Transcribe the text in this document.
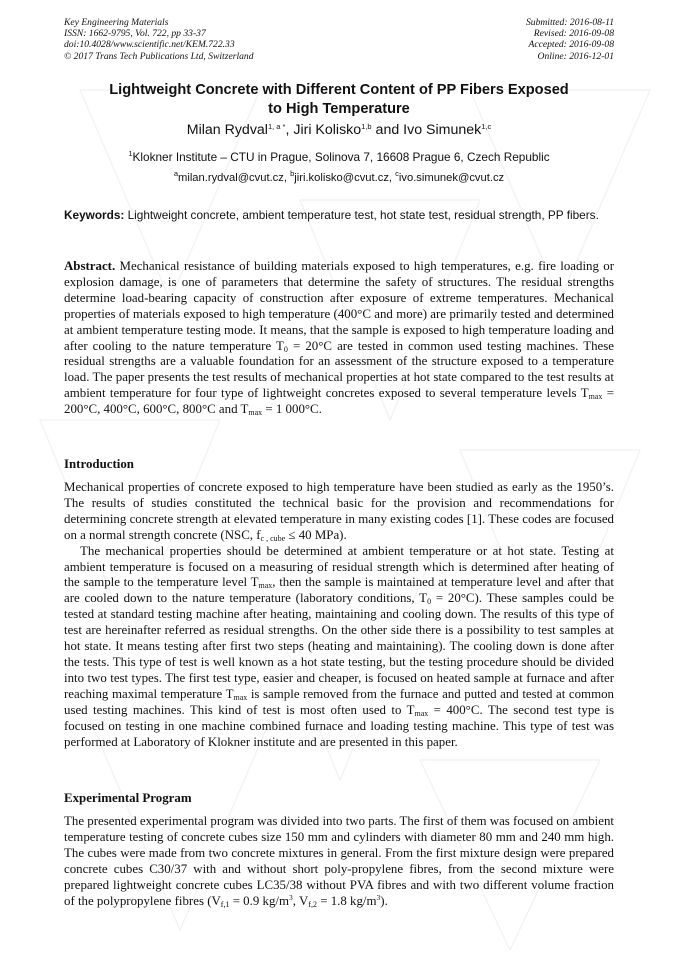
Key Engineering Materials
ISSN: 1662-9795, Vol. 722, pp 33-37
doi:10.4028/www.scientific.net/KEM.722.33
© 2017 Trans Tech Publications Ltd, Switzerland
Submitted: 2016-08-11
Revised: 2016-09-08
Accepted: 2016-09-08
Online: 2016-12-01
Lightweight Concrete with Different Content of PP Fibers Exposed
to High Temperature
Milan Rydval$^{1, a *}$, Jiri Kolisko$^{1,b}$ and Ivo Simunek$^{1,c}$
$^1$Klokner Institute – CTU in Prague, Solinova 7, 16608 Prague 6, Czech Republic
$^a$milan.rydval@cvut.cz, $^b$jiri.kolisko@cvut.cz, $^c$ivo.simunek@cvut.cz
Keywords: Lightweight concrete, ambient temperature test, hot state test, residual strength, PP fibers.
Abstract. Mechanical resistance of building materials exposed to high temperatures, e.g. fire loading or explosion damage, is one of parameters that determine the safety of structures. The residual strengths determine load-bearing capacity of construction after exposure of extreme temperatures. Mechanical properties of materials exposed to high temperature (400°C and more) are primarily tested and determined at ambient temperature testing mode. It means, that the sample is exposed to high temperature loading and after cooling to the nature temperature $T_0 = 20^\circ C$ are tested in common used testing machines. These residual strengths are a valuable foundation for an assessment of the structure exposed to a temperature load. The paper presents the test results of mechanical properties at hot state compared to the test results at ambient temperature for four type of lightweight concretes exposed to several temperature levels $T_{max} = 200^\circ C$, 400°C, 600°C, 800°C and $T_{max} = 1$ 000°C.
Introduction

Mechanical properties of concrete exposed to high temperature have been studied as early as the 1950’s. The results of studies constituted the technical basic for the provision and recommendations for determining concrete strength at elevated temperature in many existing codes [1]. These codes are focused on a normal strength concrete (NSC, $f_{c , cube} \le 40$ MPa).

The mechanical properties should be determined at ambient temperature or at hot state. Testing at ambient temperature is focused on a measuring of residual strength which is determined after heating of the sample to the temperature level $T_{max}$, then the sample is maintained at temperature level and after that are cooled down to the nature temperature (laboratory conditions, $T_0 = 20^\circ C$). These samples could be tested at standard testing machine after heating, maintaining and cooling down. The results of this type of test are hereinafter referred as residual strengths. On the other side there is a possibility to test samples at hot state. It means testing after first two steps (heating and maintaining). The cooling down is done after the tests. This type of test is well known as a hot state testing, but the testing procedure should be divided into two test types. The first test type, easier and cheaper, is focused on heated sample at furnace and after reaching maximal temperature $T_{max}$ is sample removed from the furnace and putted and tested at common used testing machines. This kind of test is most often used to $T_{max} = 400^\circ C$. The second test type is focused on testing in one machine combined furnace and loading testing machine. This type of test was performed at Laboratory of Klokner institute and are presented in this paper.

Experimental Program
The presented experimental program was divided into two parts. The first of them was focused on ambient temperature testing of concrete cubes size 150 mm and cylinders with diameter 80 mm and 240 mm high. The cubes were made from two concrete mixtures in general. From the first mixture design were prepared concrete cubes C30/37 with and without short poly-propylene fibres, from the second mixture were prepared lightweight concrete cubes LC35/38 without PVA fibres and with two different volume fraction of the polypropylene fibres ($V_{f,1} = 0.9$ $kg/m^3$, $V_{f,2} = 1.8$ $kg/m^3$).
